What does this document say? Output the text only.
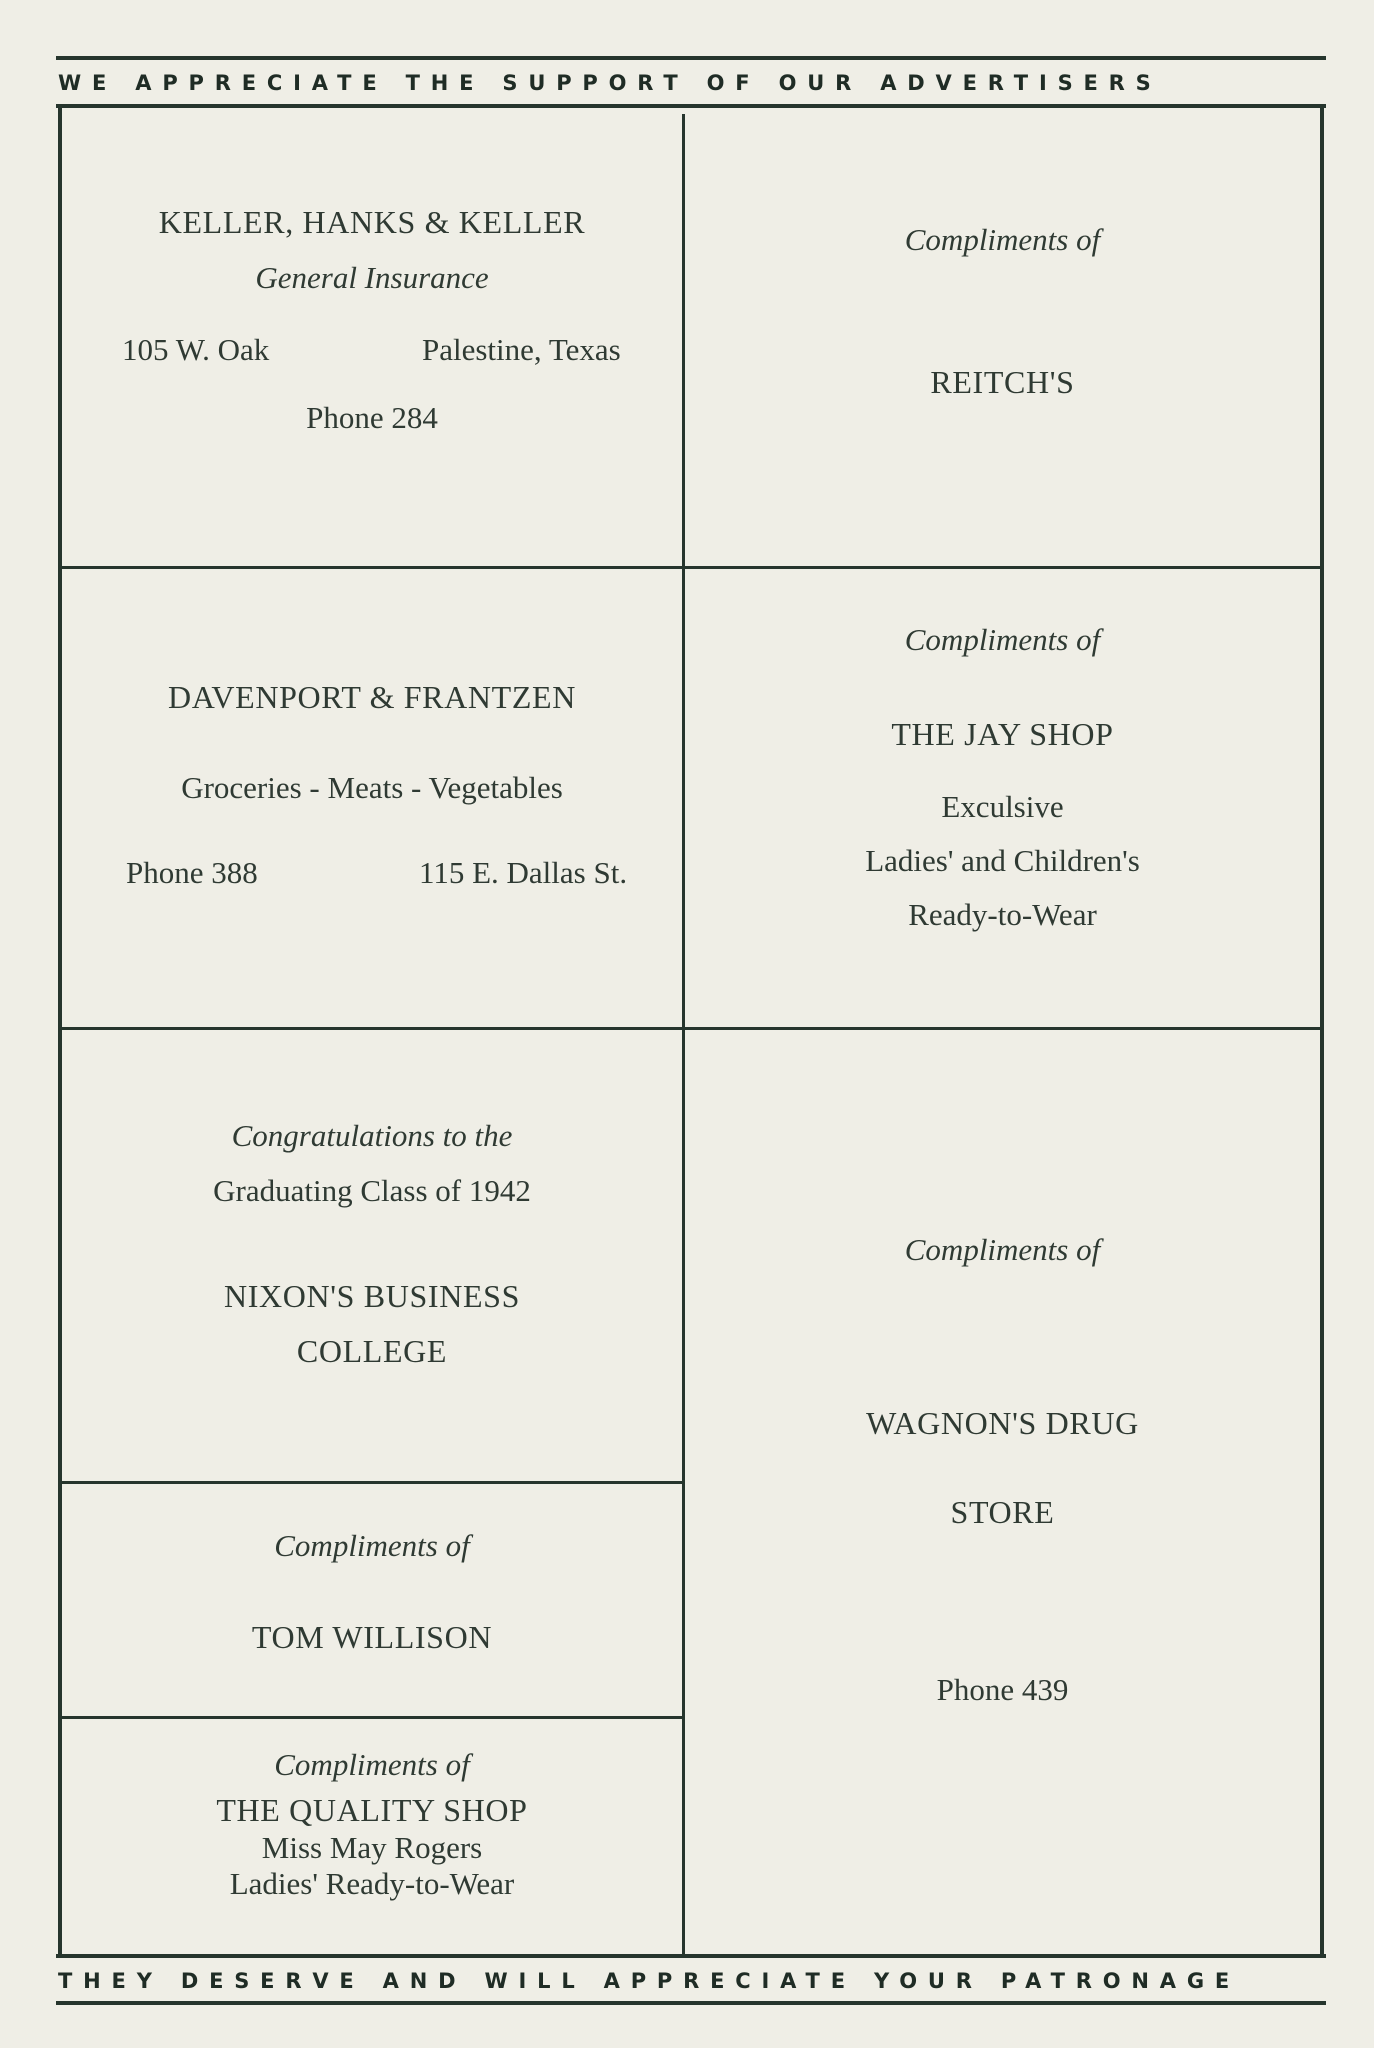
WE APPRECIATE THE SUPPORT OF OUR ADVERTISERS
THEY DESERVE AND WILL APPRECIATE YOUR PATRONAGE
KELLER, HANKS & KELLER
General Insurance
105 W. Oak	Palestine, Texas
Phone 284
Compliments of
REITCH'S
DAVENPORT & FRANTZEN
Groceries - Meats - Vegetables
Phone 388	115 E. Dallas St.
Compliments of
THE JAY SHOP
Exculsive
Ladies' and Children's
Ready-to-Wear
Congratulations to the
Graduating Class of 1942
NIXON'S BUSINESS
COLLEGE
Compliments of
WAGNON'S DRUG
STORE
Phone 439
Compliments of
TOM WILLISON
Compliments of
THE QUALITY SHOP
Miss May Rogers
Ladies' Ready-to-Wear
